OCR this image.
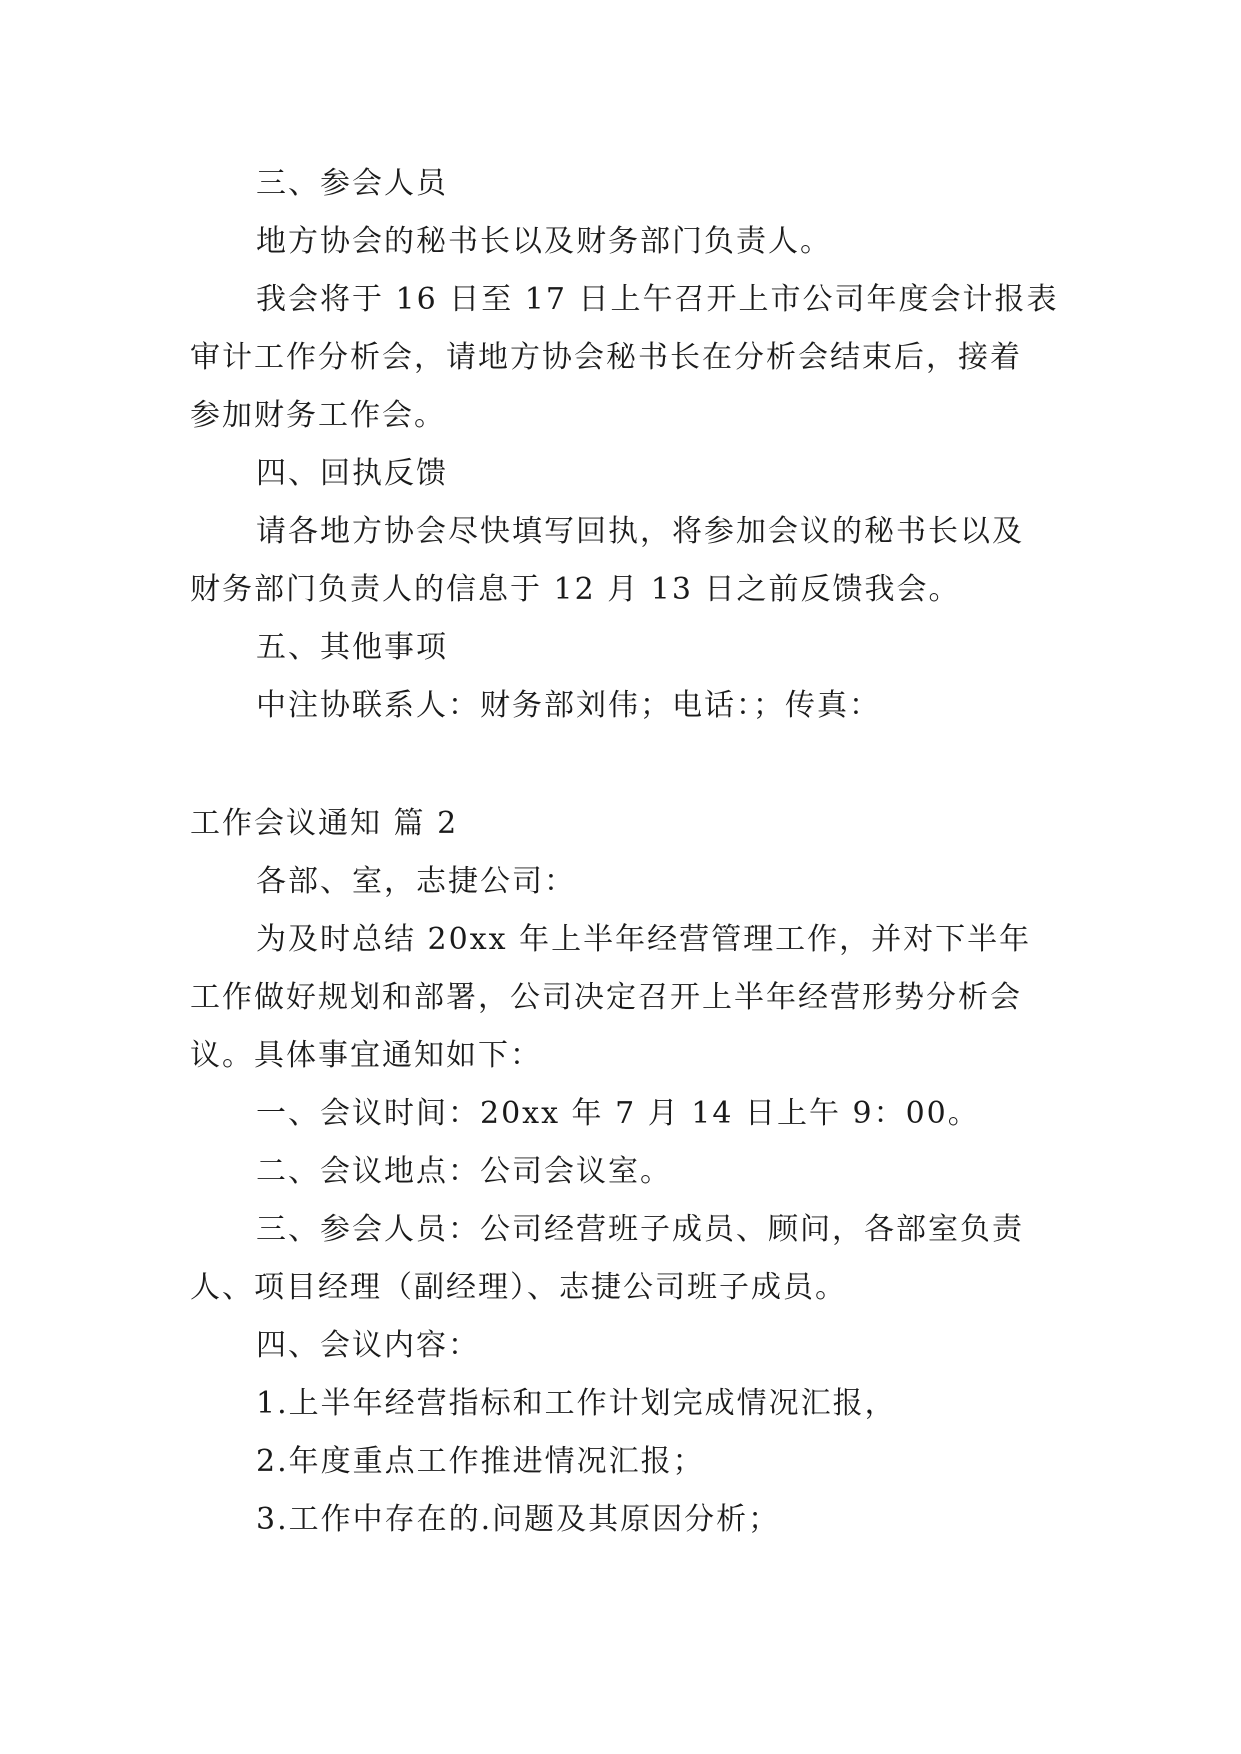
三、参会人员
地方协会的秘书长以及财务部门负责人。
我会将于 16 日至 17 日上午召开上市公司年度会计报表
审计工作分析会，请地方协会秘书长在分析会结束后，接着
参加财务工作会。
四、回执反馈
请各地方协会尽快填写回执，将参加会议的秘书长以及
财务部门负责人的信息于 12 月 13 日之前反馈我会。
五、其他事项
中注协联系人：财务部刘伟；电话：；传真：
工作会议通知 篇 2
各部、室，志捷公司：
为及时总结 20xx 年上半年经营管理工作，并对下半年
工作做好规划和部署，公司决定召开上半年经营形势分析会
议。具体事宜通知如下：
一、会议时间：20xx 年 7 月 14 日上午 9：00。
二、会议地点：公司会议室。
三、参会人员：公司经营班子成员、顾问，各部室负责
人、项目经理（副经理）、志捷公司班子成员。
四、会议内容：
1.上半年经营指标和工作计划完成情况汇报，
2.年度重点工作推进情况汇报；
3.工作中存在的.问题及其原因分析；
